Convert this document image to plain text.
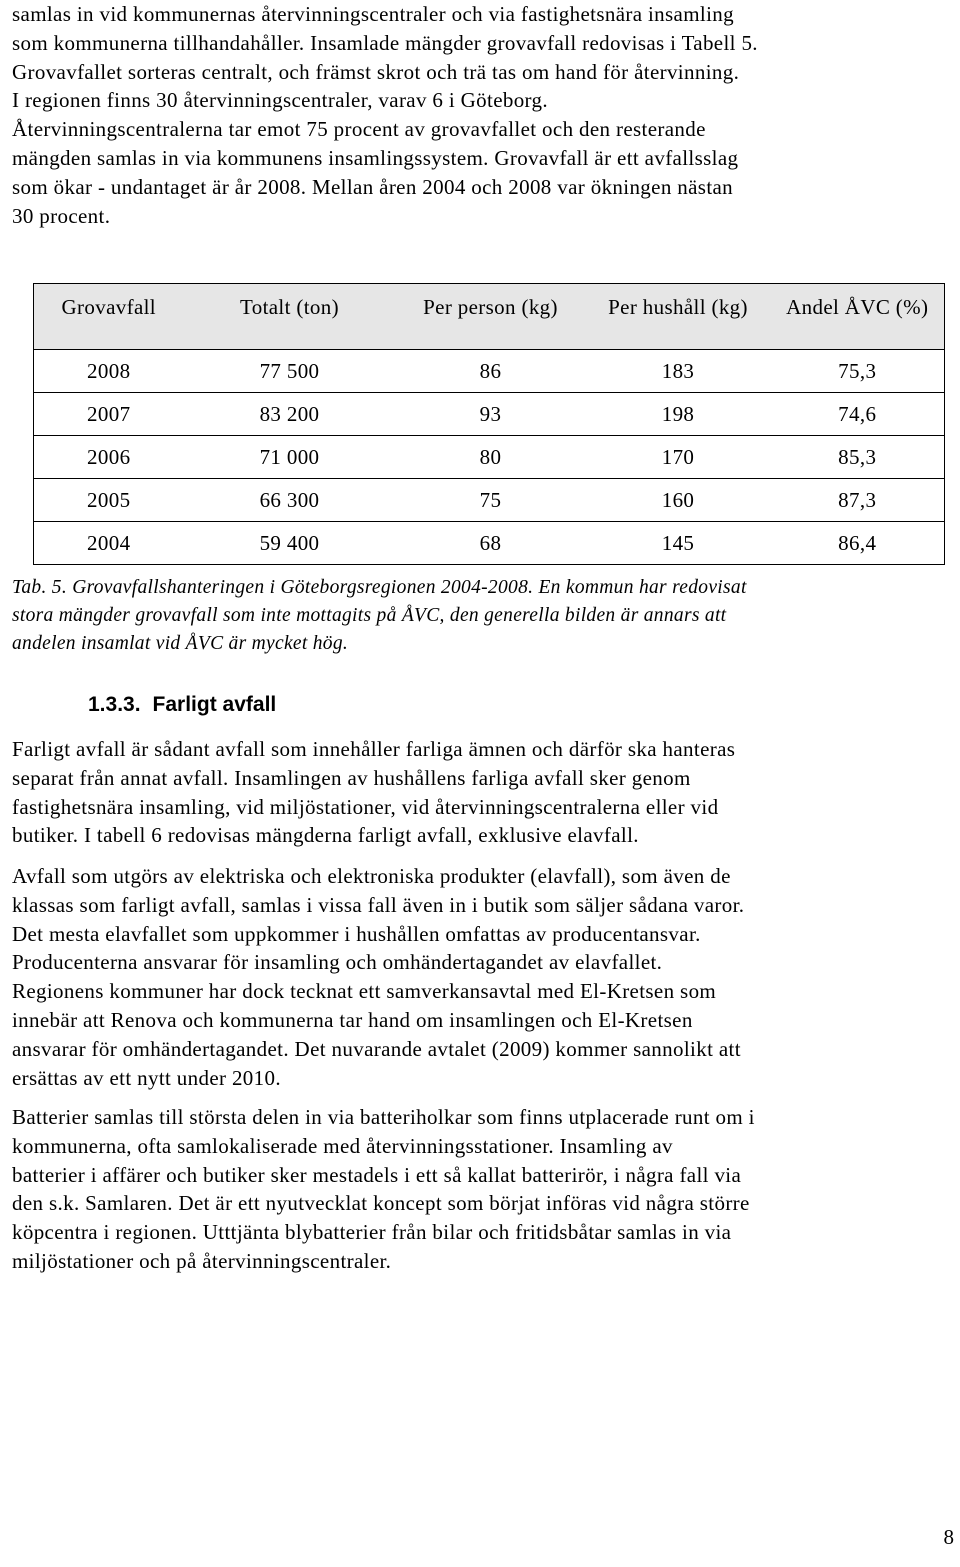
samlas in vid kommunernas återvinningscentraler och via fastighetsnära insamling
som kommunerna tillhandahåller. Insamlade mängder grovavfall redovisas i Tabell 5.
Grovavfallet sorteras centralt, och främst skrot och trä tas om hand för återvinning.
I regionen finns 30 återvinningscentraler, varav 6 i Göteborg.
Återvinningscentralerna tar emot 75 procent av grovavfallet och den resterande
mängden samlas in via kommunens insamlingssystem. Grovavfall är ett avfallsslag
som ökar - undantaget är år 2008. Mellan åren 2004 och 2008 var ökningen nästan
30 procent.

Grovavfall	Totalt (ton)	Per person (kg)	Per hushåll (kg)	Andel ÅVC (%)
2008	77 500	86	183	75,3
2007	83 200	93	198	74,6
2006	71 000	80	170	85,3
2005	66 300	75	160	87,3
2004	59 400	68	145	86,4

Tab. 5. Grovavfallshanteringen i Göteborgsregionen 2004-2008. En kommun har redovisat
stora mängder grovavfall som inte mottagits på ÅVC, den generella bilden är annars att
andelen insamlat vid ÅVC är mycket hög.

1.3.3. Farligt avfall

Farligt avfall är sådant avfall som innehåller farliga ämnen och därför ska hanteras
separat från annat avfall. Insamlingen av hushållens farliga avfall sker genom
fastighetsnära insamling, vid miljöstationer, vid återvinningscentralerna eller vid
butiker. I tabell 6 redovisas mängderna farligt avfall, exklusive elavfall.

Avfall som utgörs av elektriska och elektroniska produkter (elavfall), som även de
klassas som farligt avfall, samlas i vissa fall även in i butik som säljer sådana varor.
Det mesta elavfallet som uppkommer i hushållen omfattas av producentansvar.
Producenterna ansvarar för insamling och omhändertagandet av elavfallet.
Regionens kommuner har dock tecknat ett samverkansavtal med El-Kretsen som
innebär att Renova och kommunerna tar hand om insamlingen och El-Kretsen
ansvarar för omhändertagandet. Det nuvarande avtalet (2009) kommer sannolikt att
ersättas av ett nytt under 2010.

Batterier samlas till största delen in via batteriholkar som finns utplacerade runt om i
kommunerna, ofta samlokaliserade med återvinningsstationer. Insamling av
batterier i affärer och butiker sker mestadels i ett så kallat batterirör, i några fall via
den s.k. Samlaren. Det är ett nyutvecklat koncept som börjat införas vid några större
köpcentra i regionen. Utttjänta blybatterier från bilar och fritidsbåtar samlas in via
miljöstationer och på återvinningscentraler.

8
